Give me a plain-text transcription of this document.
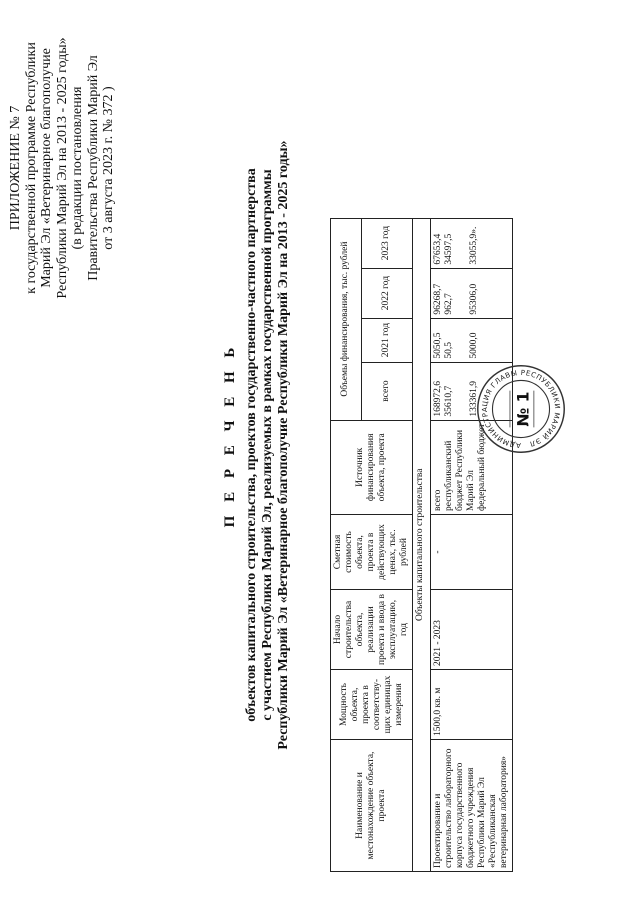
ПРИЛОЖЕНИЕ № 7 к государственной программе Республики Марий Эл «Ветеринарное благополучие Республики Марий Эл на 2013 - 2025 годы» (в редакции постановления Правительства Республики Марий Эл от 3 августа 2023 г. № 372 )
П Е Р Е Ч Е Н Ь объектов капитального строительства, проектов государственно-частного партнерства с участием Республики Марий Эл, реализуемых в рамках государственной программы Республики Марий Эл «Ветеринарное благополучие Республики Марий Эл на 2013 - 2025 годы»
Наименование и местонахождение объекта, проекта	Мощность объекта, проекта в соответству-щих единицах измерения	Начало строительства объекта, реализации проекта и ввода в эксплуатацию, год	Сметная стоимость объекта, проекта в действующих ценах, тыс. рублей	Источник финансирования объекта, проекта	Объемы финансирования, тыс. рублей			
					всего	2021 год	2022 год	2023 год
Объекты капитального строительства								
Проектирование и строительство лабораторного корпуса государственного бюджетного учреждения Республики Марий Эл «Республиканская ветеринарная лаборатория»	1500,0 кв. м	2021 - 2023	-	всего республиканский бюджет Республики Марий Эл федеральный бюджет	168972,6 35610,7 133361,9	5050,5 50,5 5000,0	96268,7 962,7 95306,0	67653,4 34597,5 33055,9».
АДМИНИСТРАЦИЯ ГЛАВЫ РЕСПУБЛИКИ МАРИЙ ЭЛ
№ 1
